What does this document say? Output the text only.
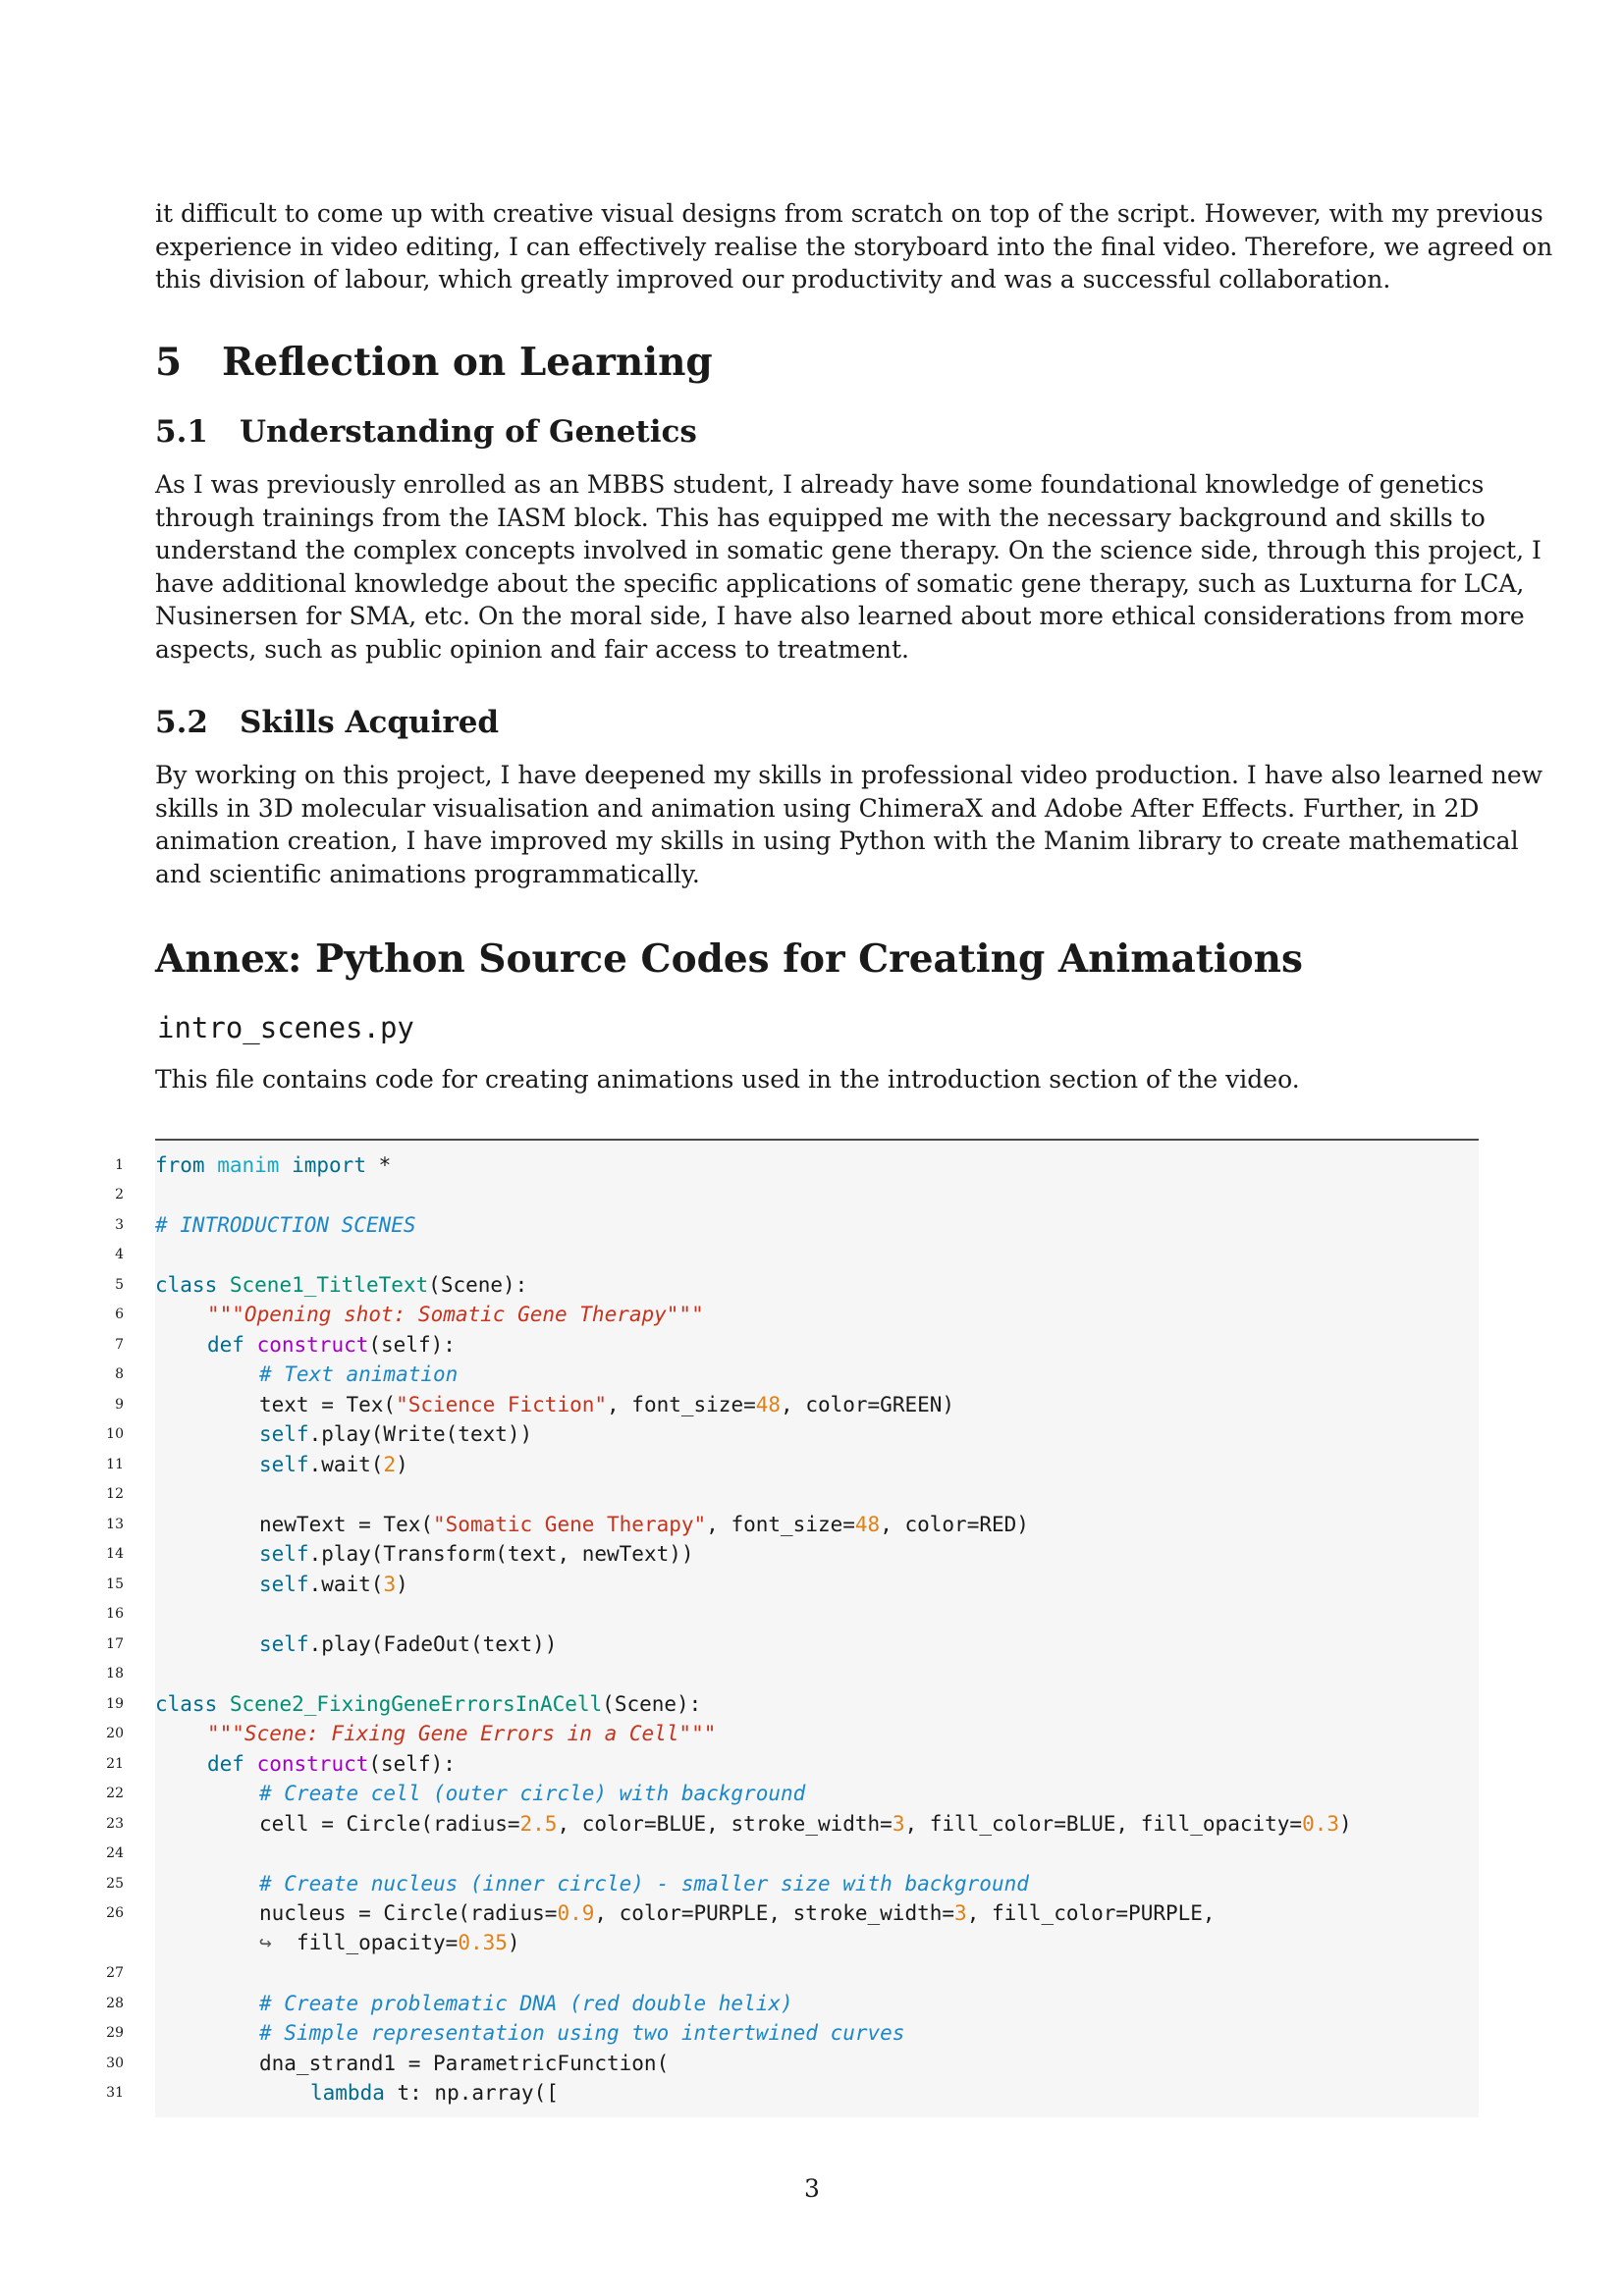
it difficult to come up with creative visual designs from scratch on top of the script. However, with my previous
experience in video editing, I can effectively realise the storyboard into the final video. Therefore, we agreed on
this division of labour, which greatly improved our productivity and was a successful collaboration.
5 Reflection on Learning
5.1 Understanding of Genetics
As I was previously enrolled as an MBBS student, I already have some foundational knowledge of genetics
through trainings from the IASM block. This has equipped me with the necessary background and skills to
understand the complex concepts involved in somatic gene therapy. On the science side, through this project, I
have additional knowledge about the specific applications of somatic gene therapy, such as Luxturna for LCA,
Nusinersen for SMA, etc. On the moral side, I have also learned about more ethical considerations from more
aspects, such as public opinion and fair access to treatment.
5.2 Skills Acquired
By working on this project, I have deepened my skills in professional video production. I have also learned new
skills in 3D molecular visualisation and animation using ChimeraX and Adobe After Effects. Further, in 2D
animation creation, I have improved my skills in using Python with the Manim library to create mathematical
and scientific animations programmatically.
Annex: Python Source Codes for Creating Animations
intro_scenes.py
This file contains code for creating animations used in the introduction section of the video.
1
2
3
4
5
6
7
8
9
10
11
12
13
14
15
16
17
18
19
20
21
22
23
24
25
26
27
28
29
30
31
from manim import *
# INTRODUCTION SCENES
class Scene1_TitleText(Scene):
"""Opening shot: Somatic Gene Therapy"""
def construct(self):
# Text animation
text = Tex("Science Fiction", font_size=48, color=GREEN)
self.play(Write(text))
self.wait(2)
newText = Tex("Somatic Gene Therapy", font_size=48, color=RED)
self.play(Transform(text, newText))
self.wait(3)
self.play(FadeOut(text))
class Scene2_FixingGeneErrorsInACell(Scene):
"""Scene: Fixing Gene Errors in a Cell"""
def construct(self):
# Create cell (outer circle) with background
cell = Circle(radius=2.5, color=BLUE, stroke_width=3, fill_color=BLUE, fill_opacity=0.3)
# Create nucleus (inner circle) - smaller size with background
nucleus = Circle(radius=0.9, color=PURPLE, stroke_width=3, fill_color=PURPLE,
↪ fill_opacity=0.35)
# Create problematic DNA (red double helix)
# Simple representation using two intertwined curves
dna_strand1 = ParametricFunction(
lambda t: np.array([
3
